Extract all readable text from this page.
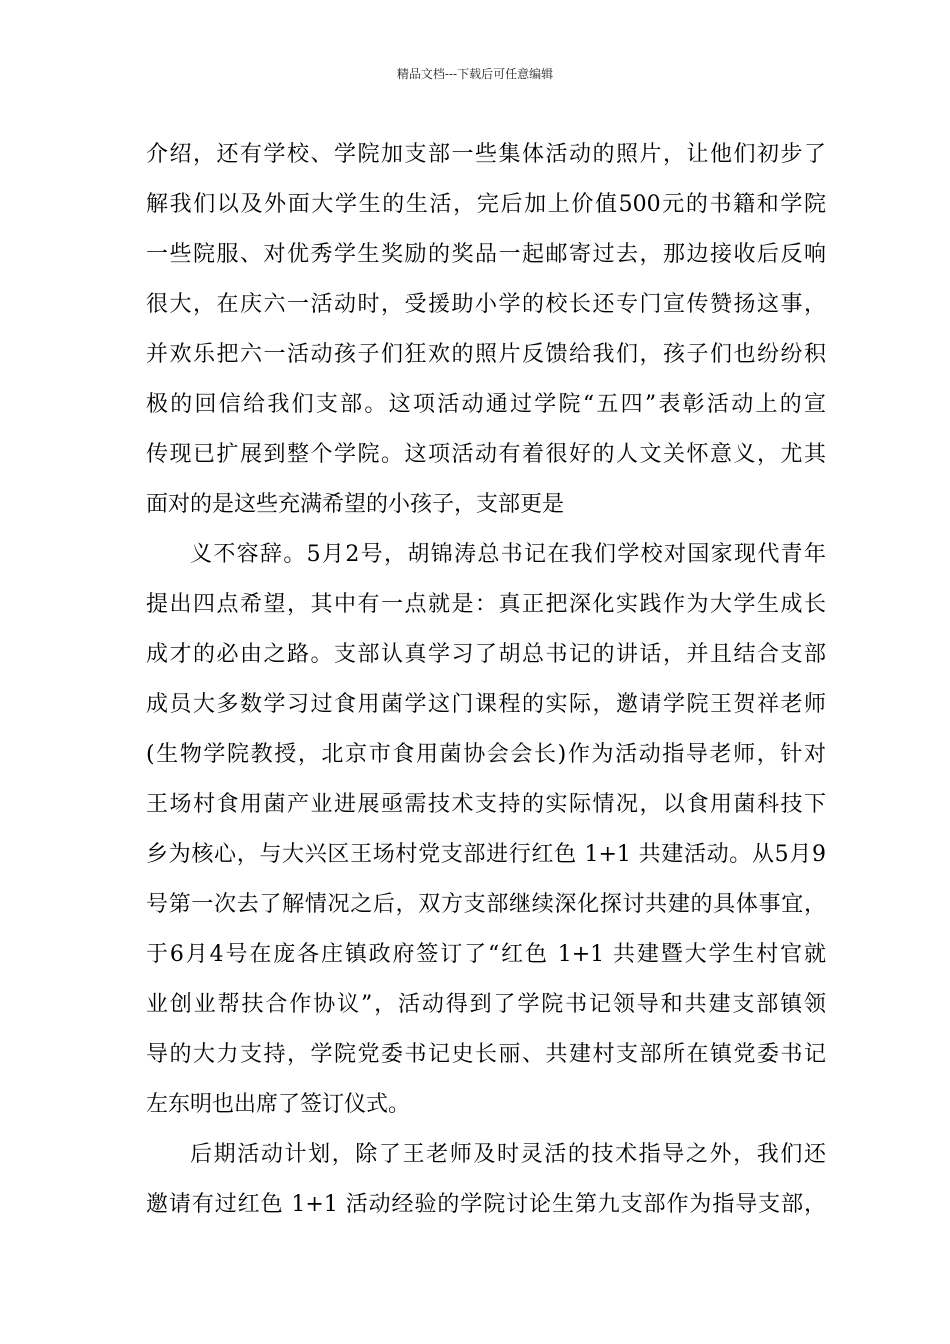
精品文档---下载后可任意编辑
介绍，还有学校、学院加支部一些集体活动的照片，让他们初步了
解我们以及外面大学生的生活，完后加上价值500元的书籍和学院
一些院服、对优秀学生奖励的奖品一起邮寄过去，那边接收后反响
很大，在庆六一活动时，受援助小学的校长还专门宣传赞扬这事，
并欢乐把六一活动孩子们狂欢的照片反馈给我们，孩子们也纷纷积
极的回信给我们支部。这项活动通过学院“五四”表彰活动上的宣
传现已扩展到整个学院。这项活动有着很好的人文关怀意义，尤其
面对的是这些充满希望的小孩子，支部更是
义不容辞。5月2号，胡锦涛总书记在我们学校对国家现代青年
提出四点希望，其中有一点就是：真正把深化实践作为大学生成长
成才的必由之路。支部认真学习了胡总书记的讲话，并且结合支部
成员大多数学习过食用菌学这门课程的实际，邀请学院王贺祥老师
(生物学院教授，北京市食用菌协会会长)作为活动指导老师，针对
王场村食用菌产业进展亟需技术支持的实际情况，以食用菌科技下
乡为核心，与大兴区王场村党支部进行红色 1+1 共建活动。从5月9
号第一次去了解情况之后，双方支部继续深化探讨共建的具体事宜，
于6月4号在庞各庄镇政府签订了“红色 1+1 共建暨大学生村官就
业创业帮扶合作协议”，活动得到了学院书记领导和共建支部镇领
导的大力支持，学院党委书记史长丽、共建村支部所在镇党委书记
左东明也出席了签订仪式。
后期活动计划，除了王老师及时灵活的技术指导之外，我们还
邀请有过红色 1+1 活动经验的学院讨论生第九支部作为指导支部，
